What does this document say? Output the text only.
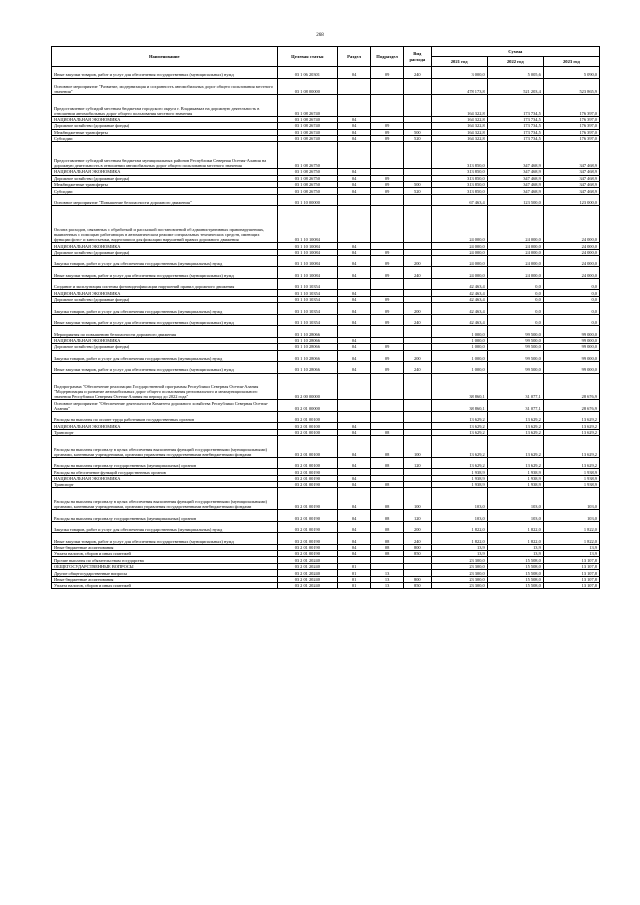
268
Наименование	Целевая статья	Раздел	Подраздел	Вид расхода	Сумма		
					2021 год	2022 год	2023 год
Иные закупки товаров, работ и услуг для обеспечения государственных (муниципальных) нужд	03 1 06 20301	04	09	240	3 000,0	5 005,6	5 090,0
Основное мероприятие "Развитие, модернизация и сохранность автомобильных дорог общего пользования местного значения"	03 1 08 00000				478 173,8	521 203,4	523 865,9
Предоставление субсидий местным бюджетам городского округа г. Владикавказ на дорожную деятельность в отношении автомобильных дорог общего пользования местного значения	03 1 08 26740				164 322,8	173 734,5	176 397,0
НАЦИОНАЛЬНАЯ ЭКОНОМИКА	03 1 08 26740	04			164 322,8	173 734,5	176 397,0
Дорожное хозяйство (дорожные фонды)	03 1 08 26740	04	09		164 322,8	173 734,5	176 397,0
Межбюджетные трансферты	03 1 08 26740	04	09	500	164 322,8	173 734,5	176 397,0
Субсидии	03 1 08 26740	04	09	520	164 322,8	173 734,5	176 397,0
Предоставление субсидий местным бюджетам муниципальных районов Республики Северная Осетия-Алания на дорожную деятельность в отношении автомобильных дорог общего пользования местного значения	03 1 08 26750				313 850,0	347 468,9	347 468,9
НАЦИОНАЛЬНАЯ ЭКОНОМИКА	03 1 08 26750	04			313 850,0	347 468,9	347 468,9
Дорожное хозяйство (дорожные фонды)	03 1 08 26750	04	09		313 850,0	347 468,9	347 468,9
Межбюджетные трансферты	03 1 08 26750	04	09	500	313 850,0	347 468,9	347 468,9
Субсидии	03 1 08 26750	04	09	520	313 850,0	347 468,9	347 468,9
Основное мероприятие "Повышение безопасности дорожного движения"	03 1 10 00000				67 463,4	123 500,0	123 000,0
Оплата расходов, связанных с обработкой и рассылкой постановлений об административных правонарушениях, выявленных с помощью работающих в автоматическом режиме специальных технических средств, имеющих функции фото- и киносъемки, видеозаписи для фиксации нарушений правил дорожного движения	03 1 10 10084				24 000,0	24 000,0	24 000,0
НАЦИОНАЛЬНАЯ ЭКОНОМИКА	03 1 10 10084	04			24 000,0	24 000,0	24 000,0
Дорожное хозяйство (дорожные фонды)	03 1 10 10084	04	09		24 000,0	24 000,0	24 000,0
Закупка товаров, работ и услуг для обеспечения государственных (муниципальных) нужд	03 1 10 10084	04	09	200	24 000,0	24 000,0	24 000,0
Иные закупки товаров, работ и услуг для обеспечения государственных (муниципальных) нужд	03 1 10 10084	04	09	240	24 000,0	24 000,0	24 000,0
Создание и эксплуатация системы фотовидеофиксации нарушений правил дорожного движения	03 1 10 10354				42 463,4	0,0	0,0
НАЦИОНАЛЬНАЯ ЭКОНОМИКА	03 1 10 10354	04			42 463,4	0,0	0,0
Дорожное хозяйство (дорожные фонды)	03 1 10 10354	04	09		42 463,4	0,0	0,0
Закупка товаров, работ и услуг для обеспечения государственных (муниципальных) нужд	03 1 10 10354	04	09	200	42 463,4	0,0	0,0
Иные закупки товаров, работ и услуг для обеспечения государственных (муниципальных) нужд	03 1 10 10354	04	09	240	42 463,4	0,0	0,0
Мероприятия по повышению безопасности дорожного движения	03 1 10 28066				1 000,0	99 500,0	99 000,0
НАЦИОНАЛЬНАЯ ЭКОНОМИКА	03 1 10 28066	04			1 000,0	99 500,0	99 000,0
Дорожное хозяйство (дорожные фонды)	03 1 10 28066	04	09		1 000,0	99 500,0	99 000,0
Закупка товаров, работ и услуг для обеспечения государственных (муниципальных) нужд	03 1 10 28066	04	09	200	1 000,0	99 500,0	99 000,0
Иные закупки товаров, работ и услуг для обеспечения государственных (муниципальных) нужд	03 1 10 28066	04	09	240	1 000,0	99 500,0	99 000,0
Подпрограмма "Обеспечение реализации Государственной программы Республики Северная Осетия-Алания "Модернизация и развитие автомобильных дорог общего пользования регионального и межмуниципального значения Республики Северная Осетия-Алания на период до 2022 года"	03 2 00 00000				38 860,1	31 077,1	28 676,9
Основное мероприятие "Обеспечение деятельности Комитета дорожного хозяйства Республики Северная Осетия-Алания"	03 2 01 00000				38 860,1	31 077,1	28 676,9
Расходы на выплаты по оплате труда работников государственных органов	03 2 01 00100				13 629,2	13 629,2	13 629,2
НАЦИОНАЛЬНАЯ ЭКОНОМИКА	03 2 01 00100	04			13 629,2	13 629,2	13 629,2
Транспорт	03 2 01 00100	04	08		13 629,2	13 629,2	13 629,2
Расходы на выплаты персоналу в целях обеспечения выполнения функций государственными (муниципальными) органами, казенными учреждениями, органами управления государственными внебюджетными фондами	03 2 01 00100	04	08	100	13 629,2	13 629,2	13 629,2
Расходы на выплаты персоналу государственных (муниципальных) органов	03 2 01 00100	04	08	120	13 629,2	13 629,2	13 629,2
Расходы на обеспечение функций государственных органов	03 2 01 00190				1 938,9	1 938,9	1 938,9
НАЦИОНАЛЬНАЯ ЭКОНОМИКА	03 2 01 00190	04			1 938,9	1 938,9	1 938,9
Транспорт	03 2 01 00190	04	08		1 938,9	1 938,9	1 938,9
Расходы на выплаты персоналу в целях обеспечения выполнения функций государственными (муниципальными) органами, казенными учреждениями, органами управления государственными внебюджетными фондами	03 2 01 00190	04	08	100	103,0	103,0	103,0
Расходы на выплаты персоналу государственных (муниципальных) органов	03 2 01 00190	04	08	120	103,0	103,0	103,0
Закупка товаров, работ и услуг для обеспечения государственных (муниципальных) нужд	03 2 01 00190	04	08	200	1 822,0	1 822,0	1 822,0
Иные закупки товаров, работ и услуг для обеспечения государственных (муниципальных) нужд	03 2 01 00190	04	08	240	1 822,0	1 822,0	1 822,0
Иные бюджетные ассигнования	03 2 01 00190	04	08	800	13,9	13,9	13,9
Уплата налогов, сборов и иных платежей	03 2 01 00190	04	08	850	13,9	13,9	13,9
Прочие выплаты по обязательствам государства	03 2 01 20240				23 300,0	15 508,0	13 107,8
ОБЩЕГОСУДАРСТВЕННЫЕ ВОПРОСЫ	03 2 01 20240	01			23 300,0	15 508,0	13 107,8
Другие общегосударственные вопросы	03 2 01 20240	01	13		23 300,0	15 508,0	13 107,8
Иные бюджетные ассигнования	03 2 01 20240	01	13	800	23 300,0	15 508,0	13 107,8
Уплата налогов, сборов и иных платежей	03 2 01 20240	01	13	850	23 300,0	15 508,0	13 107,8
